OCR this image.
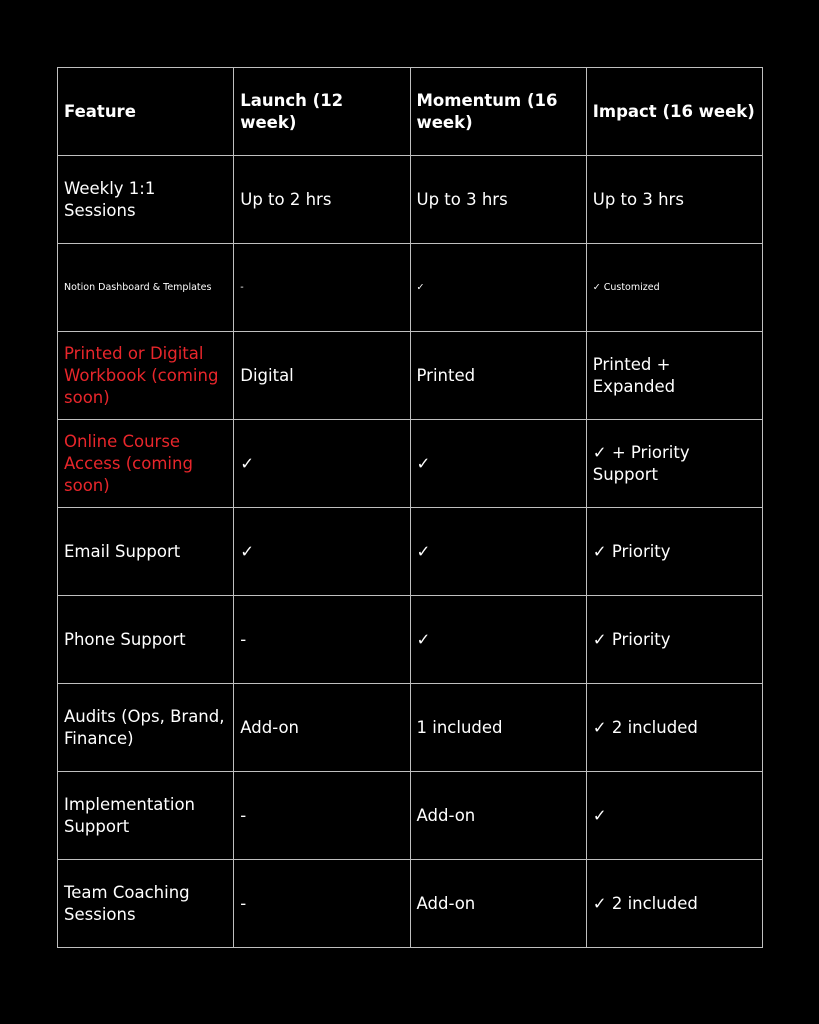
Feature	Launch (12 week)	Momentum (16 week)	Impact (16 week)
Weekly 1:1 Sessions	Up to 2 hrs	Up to 3 hrs	Up to 3 hrs
Notion Dashboard & Templates	-	✓	✓ Customized
Printed or Digital Workbook (coming soon)	Digital	Printed	Printed + Expanded
Online Course Access (coming soon)	✓	✓	✓ + Priority Support
Email Support	✓	✓	✓ Priority
Phone Support	-	✓	✓ Priority
Audits (Ops, Brand, Finance)	Add-on	1 included	✓ 2 included
Implementation Support	-	Add-on	✓
Team Coaching Sessions	-	Add-on	✓ 2 included
